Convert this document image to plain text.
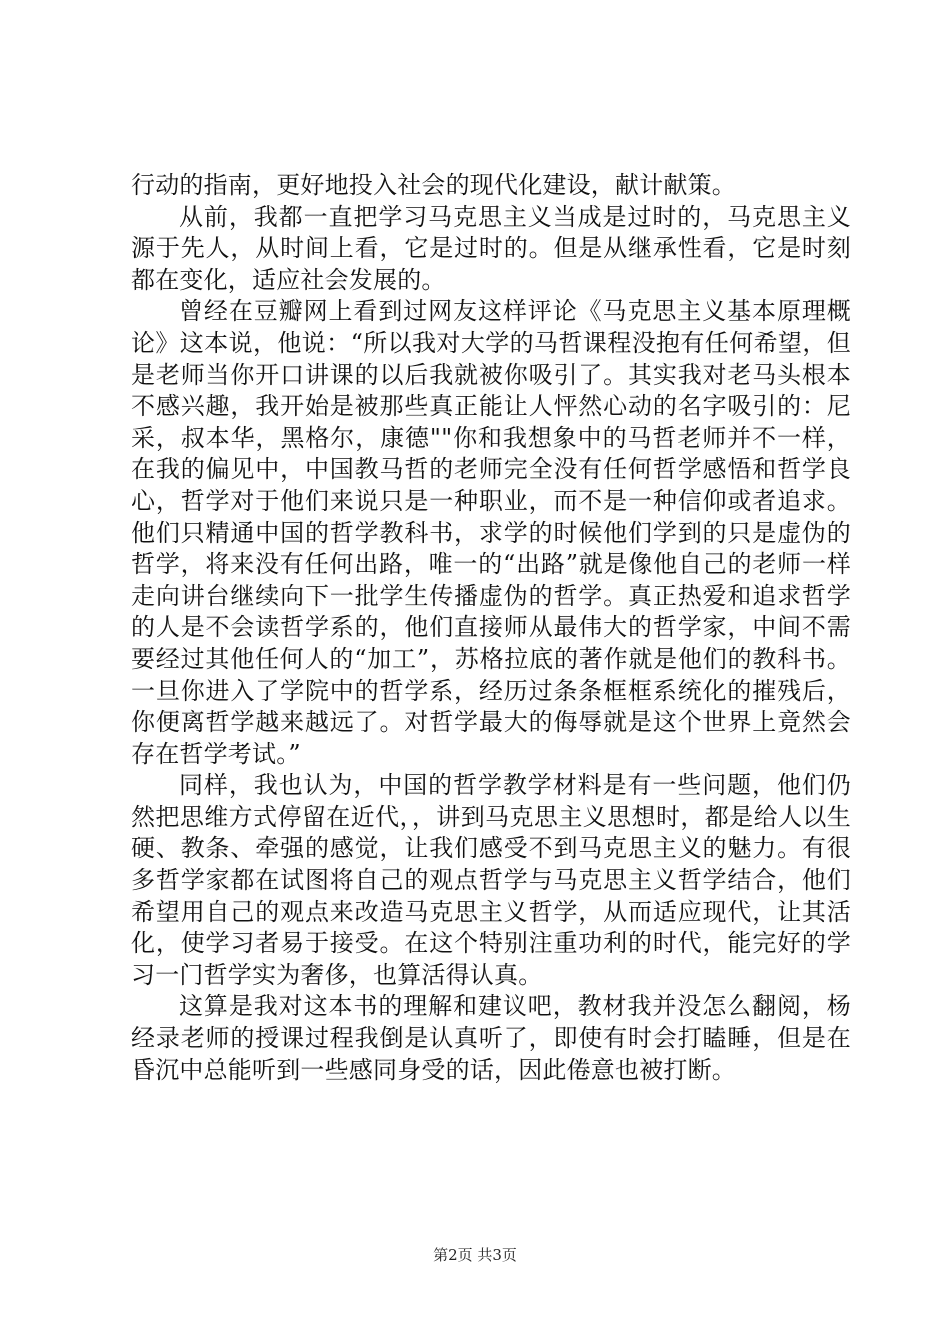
行动的指南，更好地投入社会的现代化建设，献计献策。

从前，我都一直把学习马克思主义当成是过时的，马克思主义源于先人，从时间上看，它是过时的。但是从继承性看，它是时刻都在变化，适应社会发展的。

曾经在豆瓣网上看到过网友这样评论《马克思主义基本原理概论》这本说，他说：“所以我对大学的马哲课程没抱有任何希望，但是老师当你开口讲课的以后我就被你吸引了。其实我对老马头根本不感兴趣，我开始是被那些真正能让人怦然心动的名字吸引的：尼采，叔本华，黑格尔，康德""你和我想象中的马哲老师并不一样，在我的偏见中，中国教马哲的老师完全没有任何哲学感悟和哲学良心，哲学对于他们来说只是一种职业，而不是一种信仰或者追求。他们只精通中国的哲学教科书，求学的时候他们学到的只是虚伪的哲学，将来没有任何出路，唯一的“出路”就是像他自己的老师一样走向讲台继续向下一批学生传播虚伪的哲学。真正热爱和追求哲学的人是不会读哲学系的，他们直接师从最伟大的哲学家，中间不需要经过其他任何人的“加工”，苏格拉底的著作就是他们的教科书。一旦你进入了学院中的哲学系，经历过条条框框系统化的摧残后，你便离哲学越来越远了。对哲学最大的侮辱就是这个世界上竟然会存在哲学考试。”

同样，我也认为，中国的哲学教学材料是有一些问题，他们仍然把思维方式停留在近代，，讲到马克思主义思想时，都是给人以生硬、教条、牵强的感觉，让我们感受不到马克思主义的魅力。有很多哲学家都在试图将自己的观点哲学与马克思主义哲学结合，他们希望用自己的观点来改造马克思主义哲学，从而适应现代，让其活化，使学习者易于接受。在这个特别注重功利的时代，能完好的学习一门哲学实为奢侈，也算活得认真。

这算是我对这本书的理解和建议吧，教材我并没怎么翻阅，杨经录老师的授课过程我倒是认真听了，即使有时会打瞌睡，但是在昏沉中总能听到一些感同身受的话，因此倦意也被打断。

第2页 共3页
